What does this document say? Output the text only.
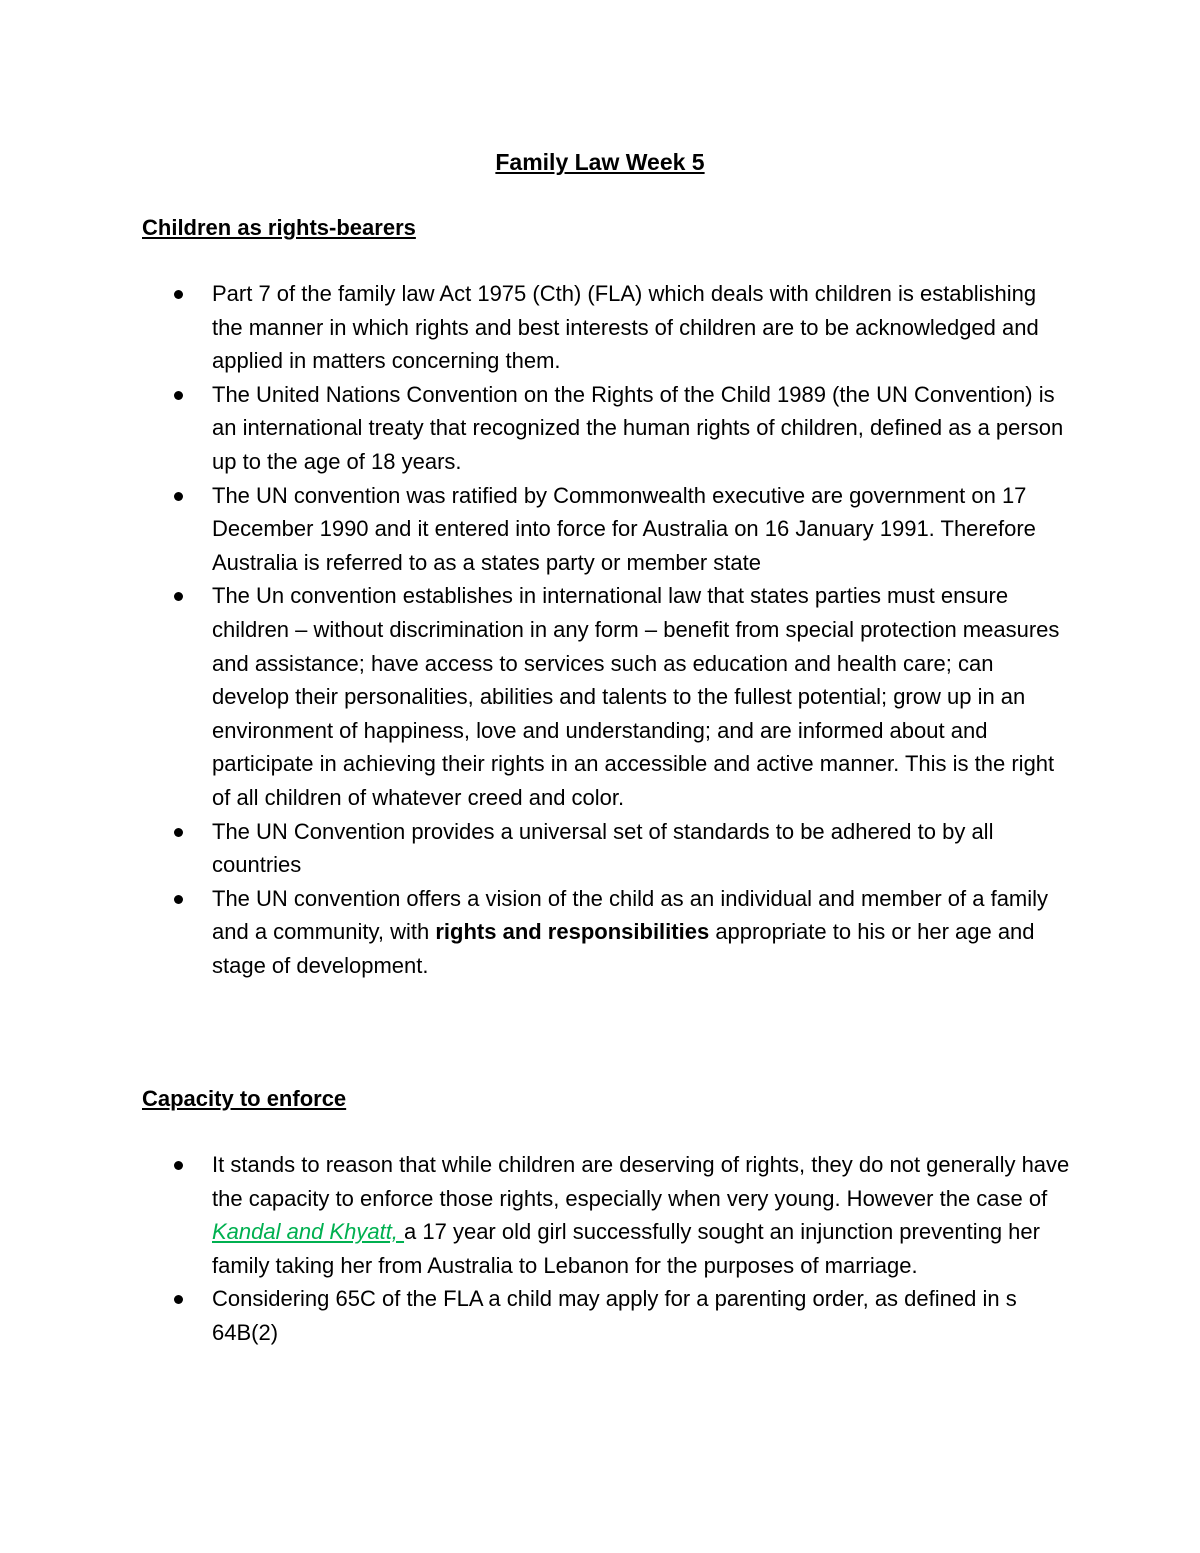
Family Law Week 5
Children as rights-bearers
Part 7 of the family law Act 1975 (Cth) (FLA) which deals with children is establishing the manner in which rights and best interests of children are to be acknowledged and applied in matters concerning them.
The United Nations Convention on the Rights of the Child 1989 (the UN Convention) is an international treaty that recognized the human rights of children, defined as a person up to the age of 18 years.
The UN convention was ratified by Commonwealth executive are government on 17 December 1990 and it entered into force for Australia on 16 January 1991. Therefore Australia is referred to as a states party or member state
The Un convention establishes in international law that states parties must ensure children – without discrimination in any form – benefit from special protection measures and assistance; have access to services such as education and health care; can develop their personalities, abilities and talents to the fullest potential; grow up in an environment of happiness, love and understanding; and are informed about and participate in achieving their rights in an accessible and active manner. This is the right of all children of whatever creed and color.
The UN Convention provides a universal set of standards to be adhered to by all countries
The UN convention offers a vision of the child as an individual and member of a family and a community, with rights and responsibilities appropriate to his or her age and stage of development.
Capacity to enforce
It stands to reason that while children are deserving of rights, they do not generally have the capacity to enforce those rights, especially when very young. However the case of Kandal and Khyatt, a 17 year old girl successfully sought an injunction preventing her family taking her from Australia to Lebanon for the purposes of marriage.
Considering 65C of the FLA a child may apply for a parenting order, as defined in s 64B(2)
